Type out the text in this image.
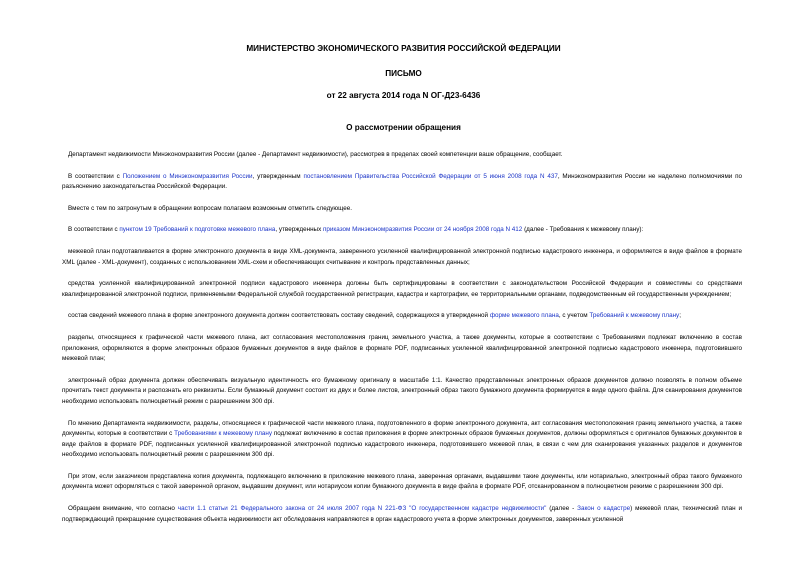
МИНИСТЕРСТВО ЭКОНОМИЧЕСКОГО РАЗВИТИЯ РОССИЙСКОЙ ФЕДЕРАЦИИ
ПИСЬМО
от 22 августа 2014 года N ОГ-Д23-6436
О рассмотрении обращения

Департамент недвижимости Минэкономразвития России (далее - Департамент недвижимости), рассмотрев в пределах своей компетенции ваше обращение, сообщает.

В соответствии с Положением о Минэкономразвития России, утвержденным постановлением Правительства Российской Федерации от 5 июня 2008 года N 437, Минэкономразвития России не наделено полномочиями по разъяснению законодательства Российской Федерации.

Вместе с тем по затронутым в обращении вопросам полагаем возможным отметить следующее.

В соответствии с пунктом 19 Требований к подготовке межевого плана, утвержденных приказом Минэкономразвития России от 24 ноября 2008 года N 412 (далее - Требования к межевому плану):

межевой план подготавливается в форме электронного документа в виде XML-документа, заверенного усиленной квалифицированной электронной подписью кадастрового инженера, и оформляется в виде файлов в формате XML (далее - XML-документ), созданных с использованием XML-схем и обеспечивающих считывание и контроль представленных данных;

средства усиленной квалифицированной электронной подписи кадастрового инженера должны быть сертифицированы в соответствии с законодательством Российской Федерации и совместимы со средствами квалифицированной электронной подписи, применяемыми Федеральной службой государственной регистрации, кадастра и картографии, ее территориальными органами, подведомственным ей государственным учреждением;

состав сведений межевого плана в форме электронного документа должен соответствовать составу сведений, содержащихся в утвержденной форме межевого плана, с учетом Требований к межевому плану;

разделы, относящиеся к графической части межевого плана, акт согласования местоположения границ земельного участка, а также документы, которые в соответствии с Требованиями подлежат включению в состав приложения, оформляются в форме электронных образов бумажных документов в виде файлов в формате PDF, подписанных усиленной квалифицированной электронной подписью кадастрового инженера, подготовившего межевой план;

электронный образ документа должен обеспечивать визуальную идентичность его бумажному оригиналу в масштабе 1:1. Качество представленных электронных образов документов должно позволять в полном объеме прочитать текст документа и распознать его реквизиты. Если бумажный документ состоит из двух и более листов, электронный образ такого бумажного документа формируется в виде одного файла. Для сканирования документов необходимо использовать полноцветный режим с разрешением 300 dpi.

По мнению Департамента недвижимости, разделы, относящиеся к графической части межевого плана, подготовленного в форме электронного документа, акт согласования местоположения границ земельного участка, а также документы, которые в соответствии с Требованиями к межевому плану подлежат включению в состав приложения в форме электронных образов бумажных документов, должны оформляться с оригиналов бумажных документов в виде файлов в формате PDF, подписанных усиленной квалифицированной электронной подписью кадастрового инженера, подготовившего межевой план, в связи с чем для сканирования указанных разделов и документов необходимо использовать полноцветный режим с разрешением 300 dpi.

При этом, если заказчиком представлена копия документа, подлежащего включению в приложение межевого плана, заверенная органами, выдавшими такие документы, или нотариально, электронный образ такого бумажного документа может оформляться с такой заверенной органом, выдавшим документ, или нотариусом копии бумажного документа в виде файла в формате PDF, отсканированном в полноцветном режиме с разрешением 300 dpi.

Обращаем внимание, что согласно части 1.1 статьи 21 Федерального закона от 24 июля 2007 года N 221-ФЗ "О государственном кадастре недвижимости" (далее - Закон о кадастре) межевой план, технический план и подтверждающий прекращение существования объекта недвижимости акт обследования направляются в орган кадастрового учета в форме электронных документов, заверенных усиленной
